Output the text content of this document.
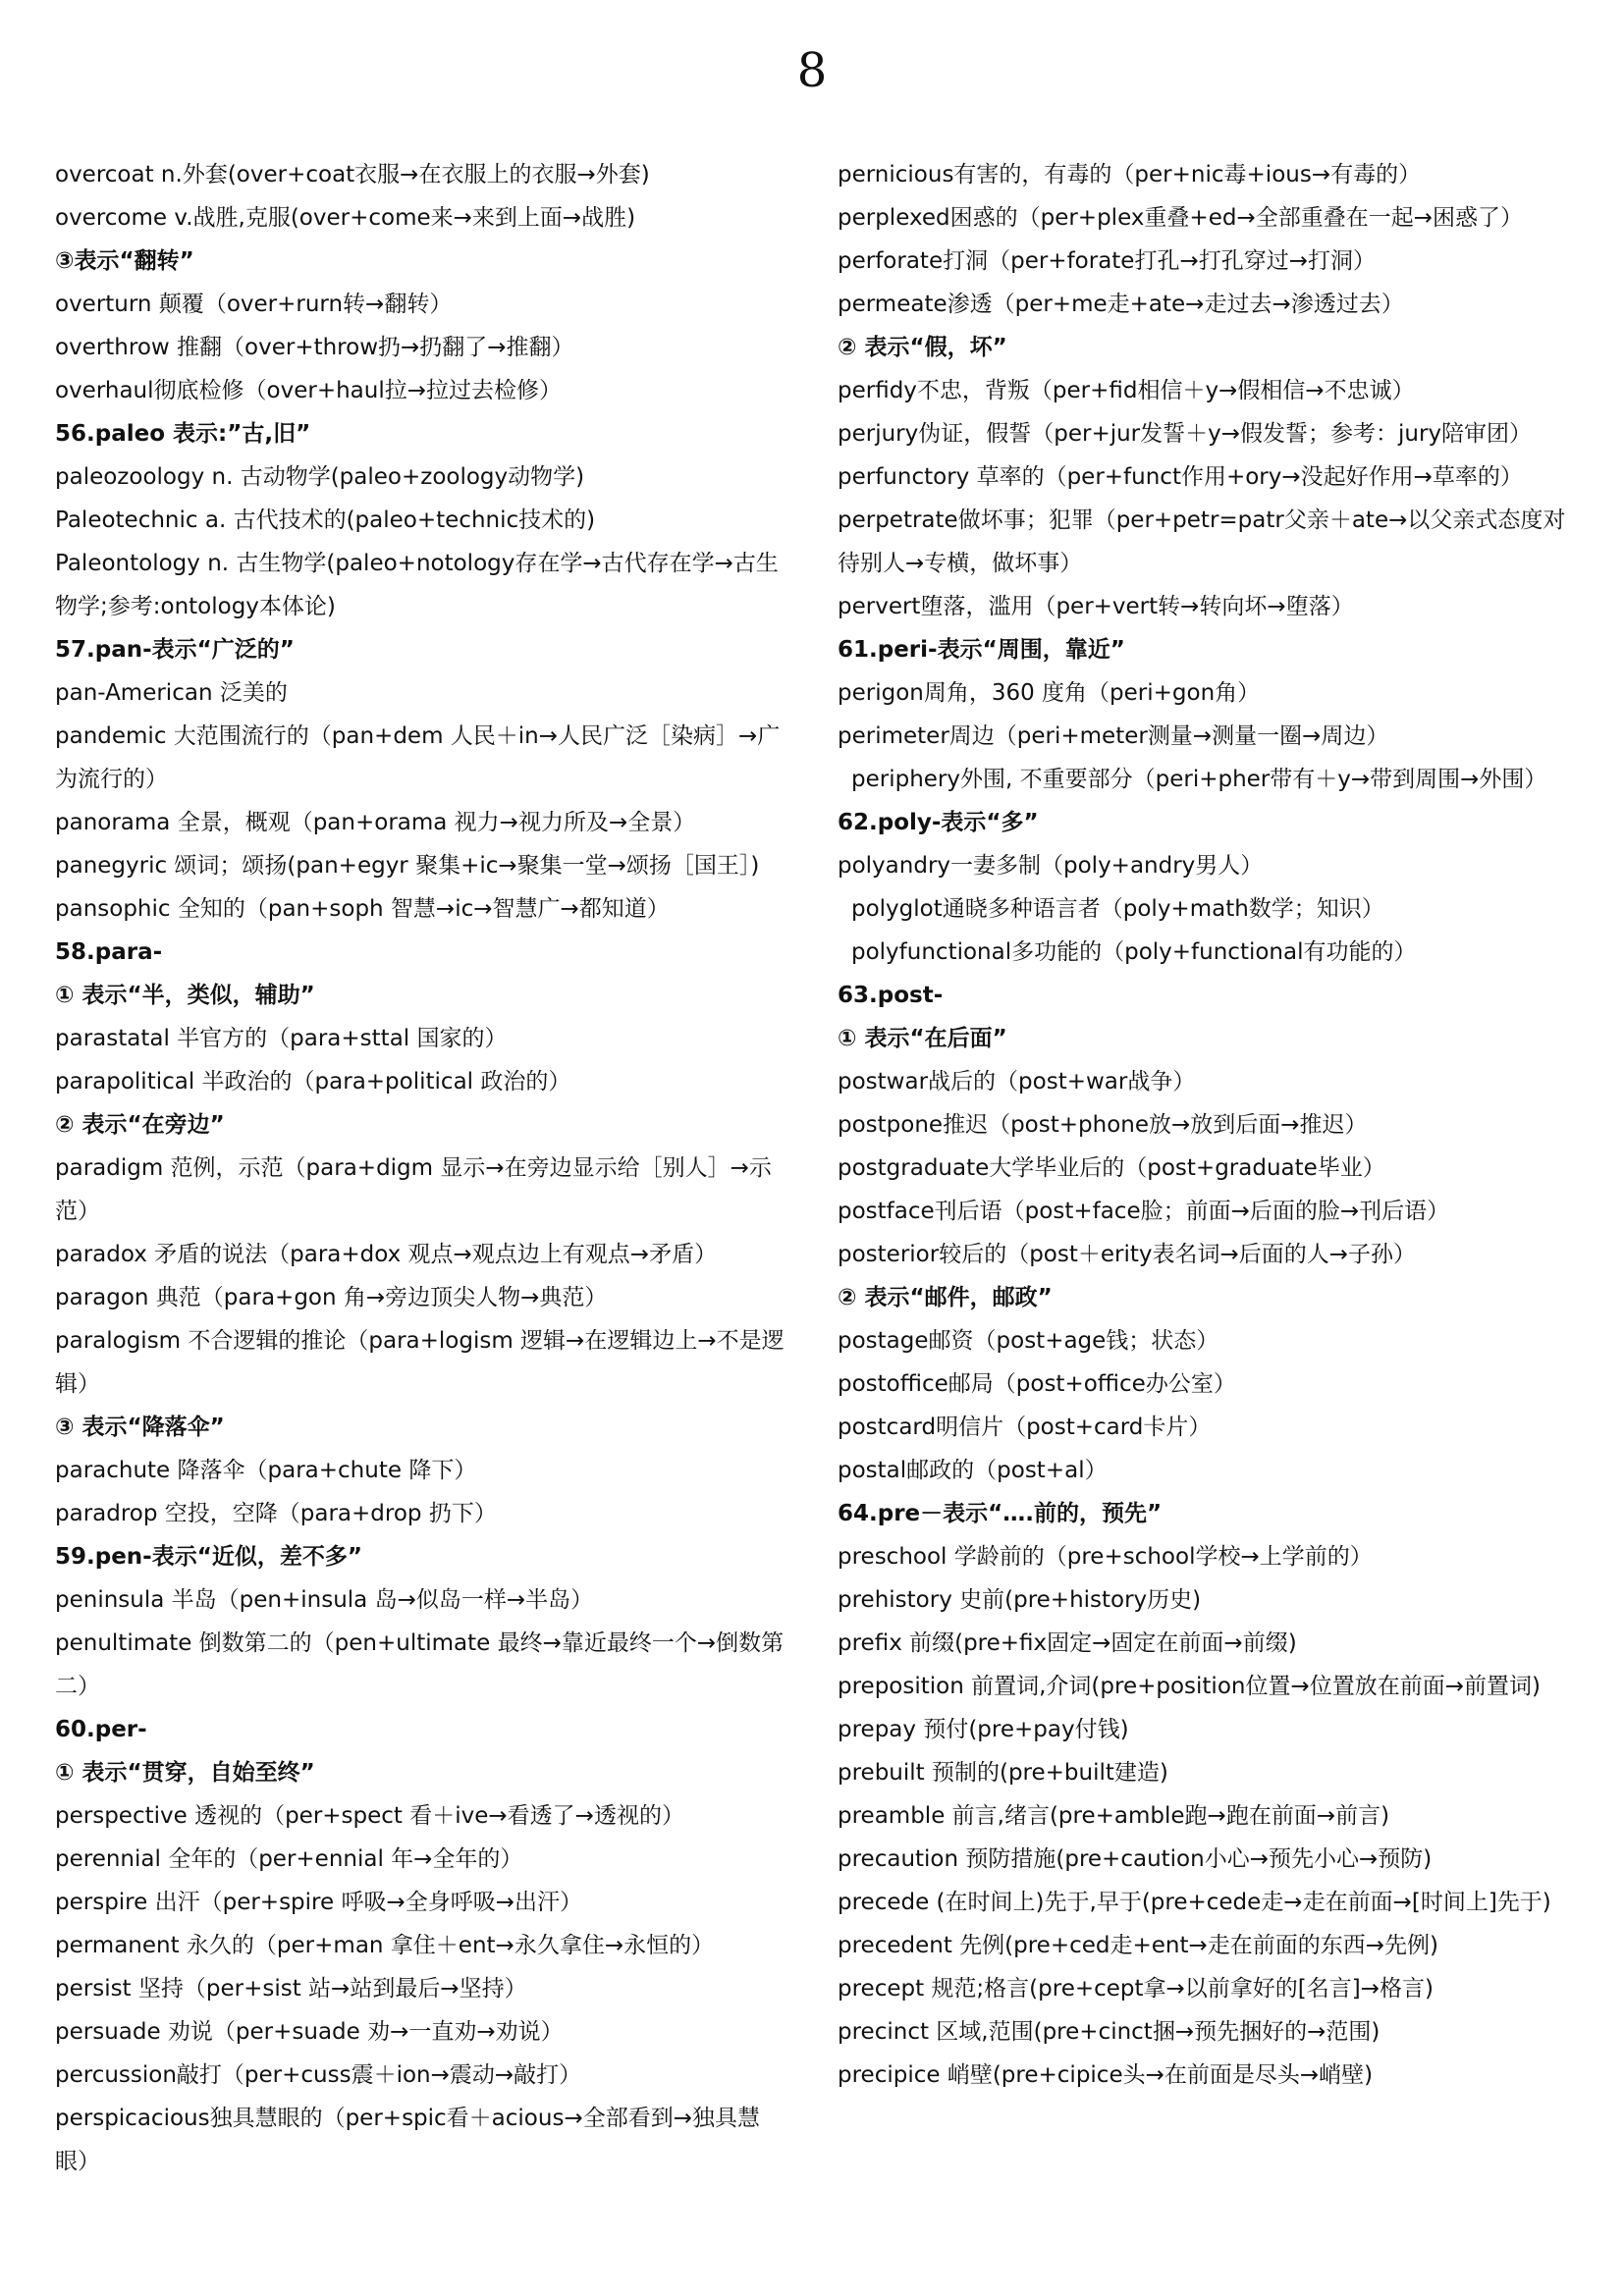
8
overcoat n.外套(over+coat衣服→在衣服上的衣服→外套)
overcome v.战胜,克服(over+come来→来到上面→战胜)
③表示“翻转”
overturn 颠覆（over+rurn转→翻转）
overthrow 推翻（over+throw扔→扔翻了→推翻）
overhaul彻底检修（over+haul拉→拉过去检修）
56.paleo 表示:”古,旧”
paleozoology n. 古动物学(paleo+zoology动物学)
Paleotechnic a. 古代技术的(paleo+technic技术的)
Paleontology n. 古生物学(paleo+notology存在学→古代存在学→古生物学;参考:ontology本体论)
57.pan-表示“广泛的”
pan-American 泛美的
pandemic 大范围流行的（pan+dem 人民＋in→人民广泛［染病］→广为流行的）
panorama 全景，概观（pan+orama 视力→视力所及→全景）
panegyric 颂词；颂扬(pan+egyr 聚集+ic→聚集一堂→颂扬［国王］)
pansophic 全知的（pan+soph 智慧→ic→智慧广→都知道）
58.para-
① 表示“半，类似，辅助”
parastatal 半官方的（para+sttal 国家的）
parapolitical 半政治的（para+political 政治的）
② 表示“在旁边”
paradigm 范例，示范（para+digm 显示→在旁边显示给［别人］→示范）
paradox 矛盾的说法（para+dox 观点→观点边上有观点→矛盾）
paragon 典范（para+gon 角→旁边顶尖人物→典范）
paralogism 不合逻辑的推论（para+logism 逻辑→在逻辑边上→不是逻辑）
③ 表示“降落伞”
parachute 降落伞（para+chute 降下）
paradrop 空投，空降（para+drop 扔下）
59.pen-表示“近似，差不多”
peninsula 半岛（pen+insula 岛→似岛一样→半岛）
penultimate 倒数第二的（pen+ultimate 最终→靠近最终一个→倒数第二）
60.per-
① 表示“贯穿，自始至终”
perspective 透视的（per+spect 看＋ive→看透了→透视的）
perennial 全年的（per+ennial 年→全年的）
perspire 出汗（per+spire 呼吸→全身呼吸→出汗）
permanent 永久的（per+man 拿住＋ent→永久拿住→永恒的）
persist 坚持（per+sist 站→站到最后→坚持）
persuade 劝说（per+suade 劝→一直劝→劝说）
percussion敲打（per+cuss震＋ion→震动→敲打）
perspicacious独具慧眼的（per+spic看＋acious→全部看到→独具慧眼）
pernicious有害的，有毒的（per+nic毒+ious→有毒的）
perplexed困惑的（per+plex重叠+ed→全部重叠在一起→困惑了）
perforate打洞（per+forate打孔→打孔穿过→打洞）
permeate渗透（per+me走+ate→走过去→渗透过去）
② 表示“假，坏”
perfidy不忠，背叛（per+fid相信＋y→假相信→不忠诚）
perjury伪证，假誓（per+jur发誓＋y→假发誓；参考：jury陪审团）
perfunctory 草率的（per+funct作用+ory→没起好作用→草率的）
perpetrate做坏事；犯罪（per+petr=patr父亲＋ate→以父亲式态度对待别人→专横，做坏事）
pervert堕落，滥用（per+vert转→转向坏→堕落）
61.peri-表示“周围，靠近”
perigon周角，360 度角（peri+gon角）
perimeter周边（peri+meter测量→测量一圈→周边）
periphery外围, 不重要部分（peri+pher带有＋y→带到周围→外围）
62.poly-表示“多”
polyandry一妻多制（poly+andry男人）
polyglot通晓多种语言者（poly+math数学；知识）
polyfunctional多功能的（poly+functional有功能的）
63.post-
① 表示“在后面”
postwar战后的（post+war战争）
postpone推迟（post+phone放→放到后面→推迟）
postgraduate大学毕业后的（post+graduate毕业）
postface刊后语（post+face脸；前面→后面的脸→刊后语）
posterior较后的（post＋erity表名词→后面的人→子孙）
② 表示“邮件，邮政”
postage邮资（post+age钱；状态）
postoffice邮局（post+office办公室）
postcard明信片（post+card卡片）
postal邮政的（post+al）
64.pre－表示“….前的，预先”
preschool 学龄前的（pre+school学校→上学前的）
prehistory 史前(pre+history历史)
prefix 前缀(pre+fix固定→固定在前面→前缀)
preposition 前置词,介词(pre+position位置→位置放在前面→前置词)
prepay 预付(pre+pay付钱)
prebuilt 预制的(pre+built建造)
preamble 前言,绪言(pre+amble跑→跑在前面→前言)
precaution 预防措施(pre+caution小心→预先小心→预防)
precede (在时间上)先于,早于(pre+cede走→走在前面→[时间上]先于)
precedent 先例(pre+ced走+ent→走在前面的东西→先例)
precept 规范;格言(pre+cept拿→以前拿好的[名言]→格言)
precinct 区域,范围(pre+cinct捆→预先捆好的→范围)
precipice 峭壁(pre+cipice头→在前面是尽头→峭壁)
